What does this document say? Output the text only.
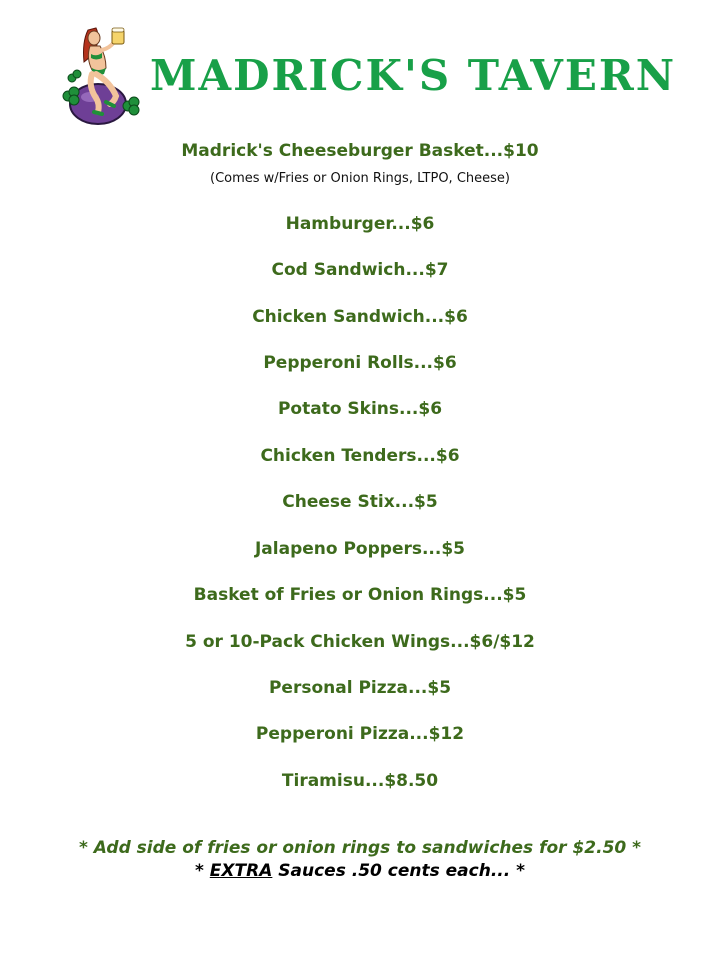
MADRICK'S TAVERN
Madrick's Cheeseburger Basket...$10
(Comes w/Fries or Onion Rings, LTPO, Cheese)
Hamburger...$6
Cod Sandwich...$7
Chicken Sandwich...$6
Pepperoni Rolls...$6
Potato Skins...$6
Chicken Tenders...$6
Cheese Stix...$5
Jalapeno Poppers...$5
Basket of Fries or Onion Rings...$5
5 or 10-Pack Chicken Wings...$6/$12
Personal Pizza...$5
Pepperoni Pizza...$12
Tiramisu...$8.50
* Add side of fries or onion rings to sandwiches for $2.50 *
* EXTRA Sauces .50 cents each... *
